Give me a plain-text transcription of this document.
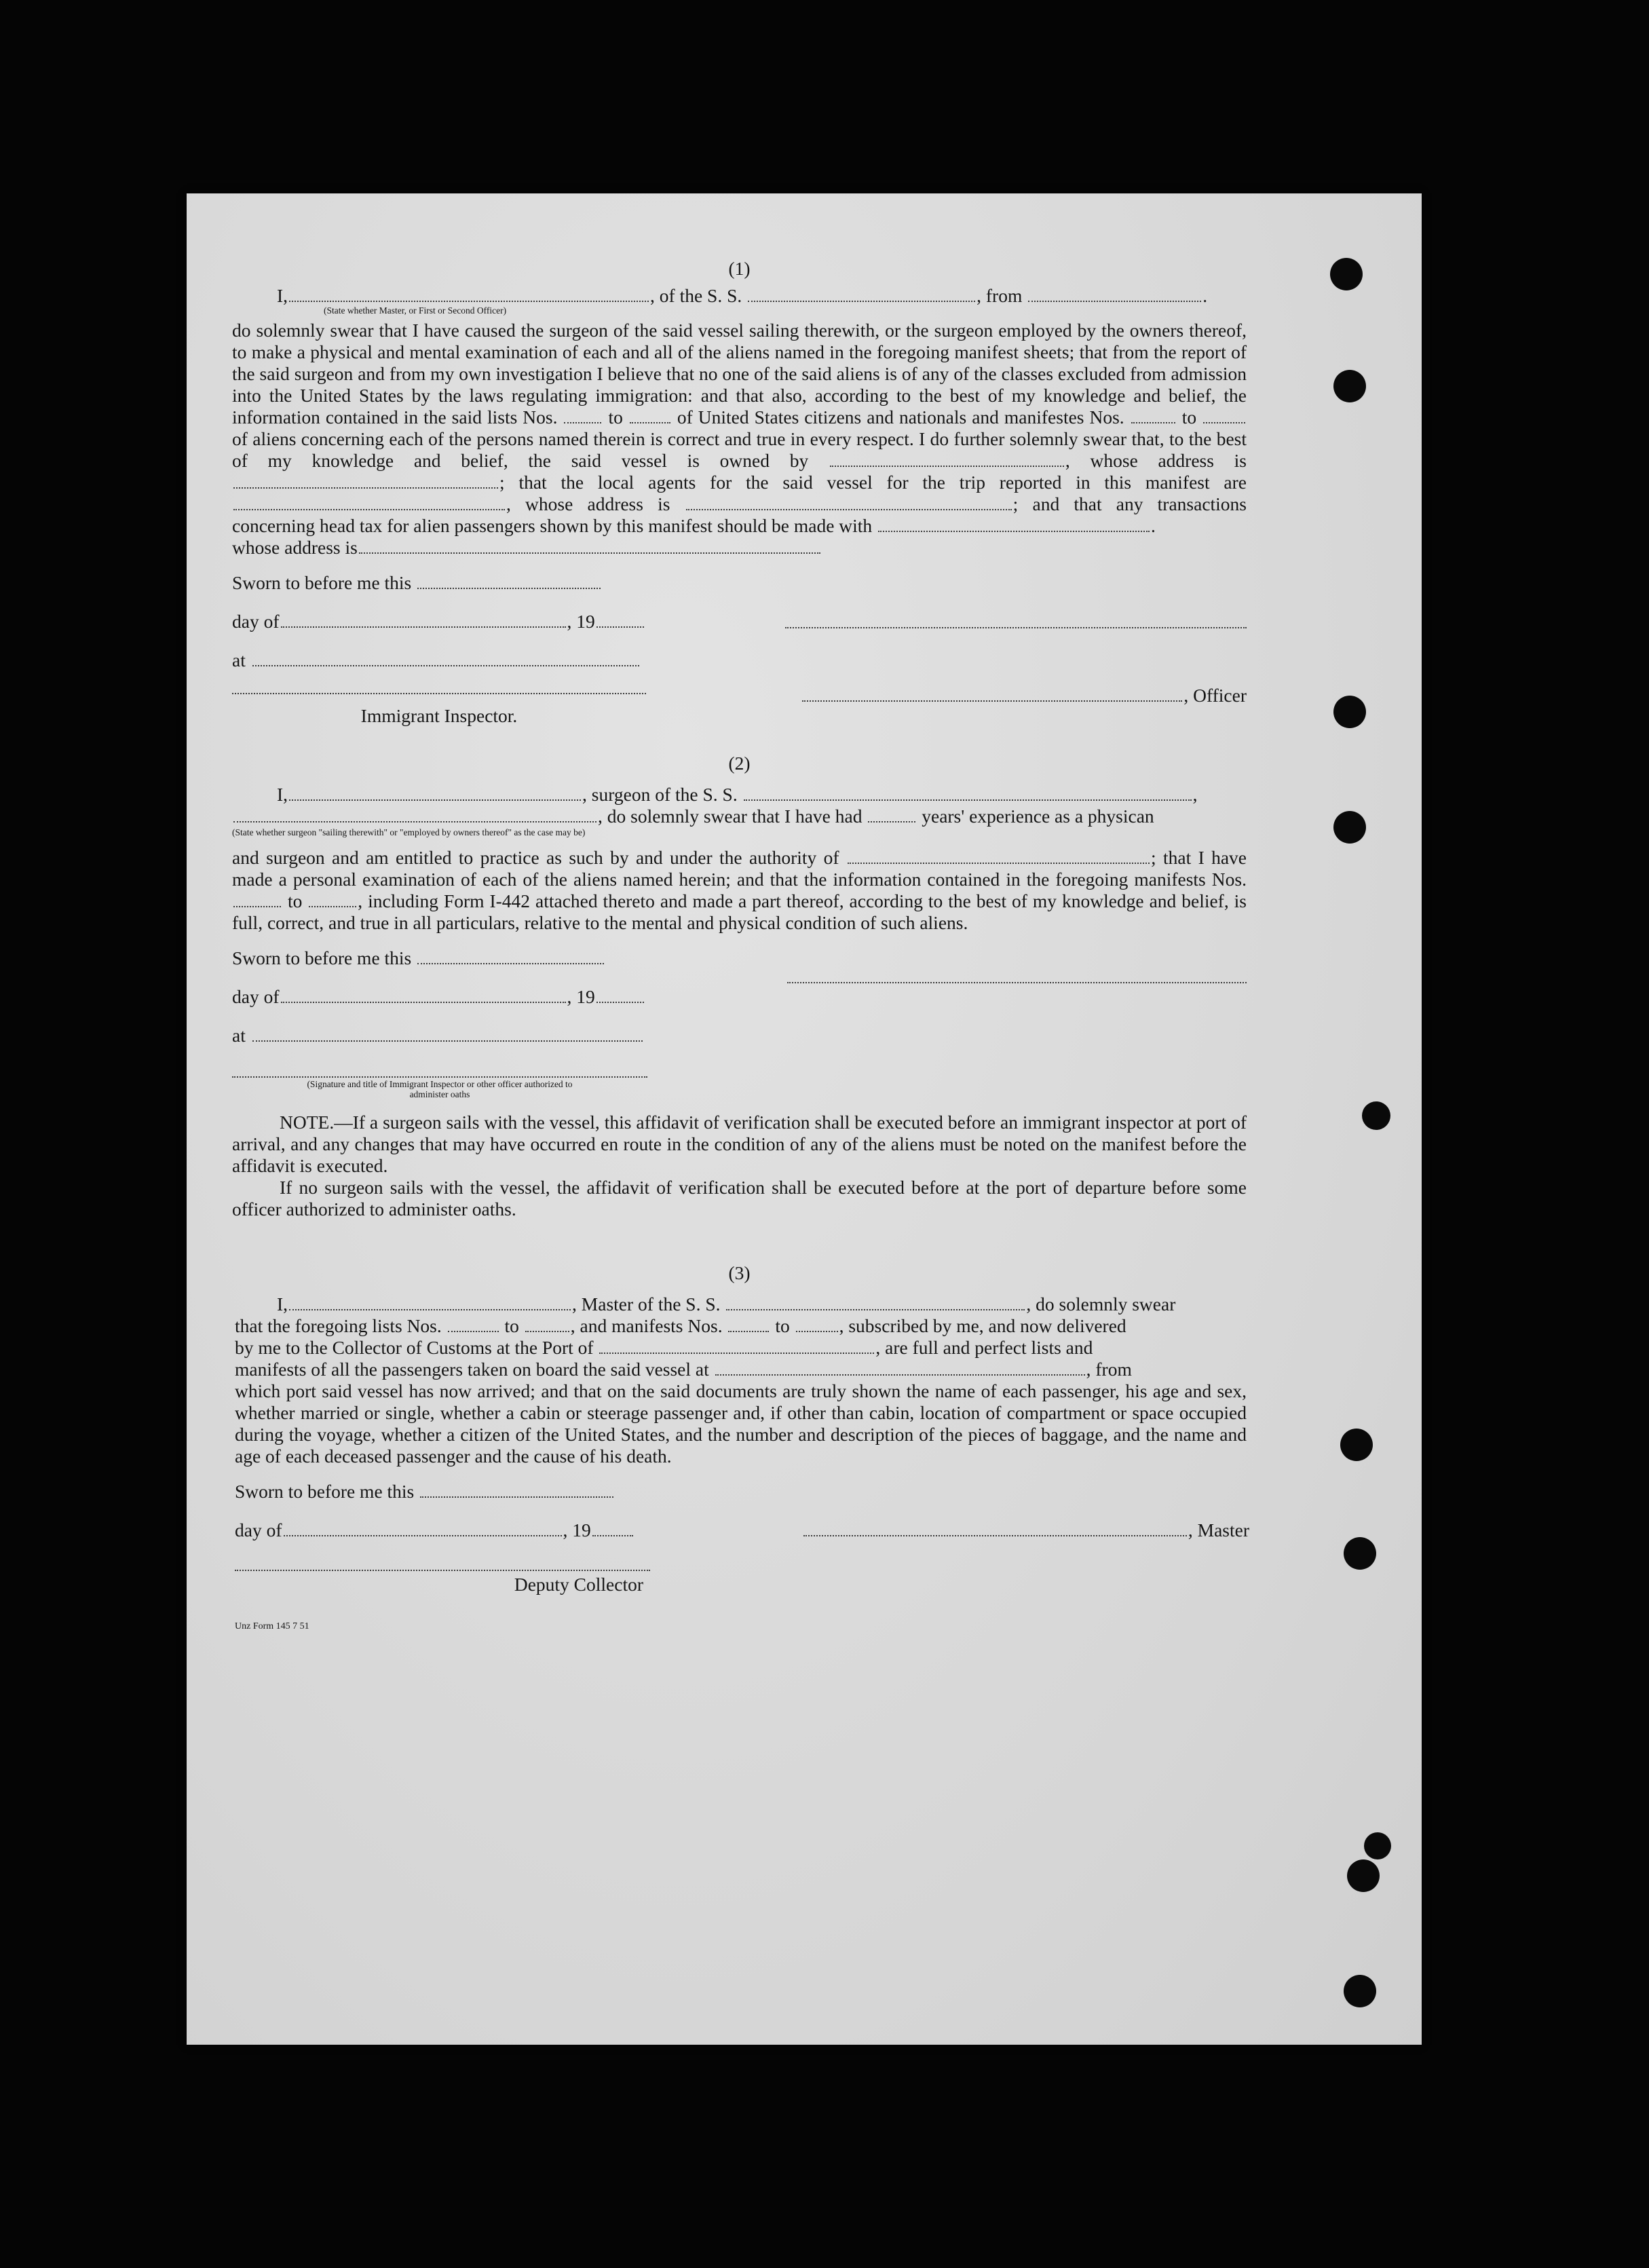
(1)
I,	, of the S. S.	, from	.
(State whether Master, or First or Second Officer)
do solemnly swear that I have caused the surgeon of the said vessel sailing therewith, or the surgeon employed by the owners thereof, to make a physical and mental examination of each and all of the aliens named in the foregoing manifest sheets; that from the report of the said surgeon and from my own investigation I believe that no one of the said aliens is of any of the classes excluded from admission into the United States by the laws regulating immigration: and that also, according to the best of my knowledge and belief, the information contained in the said lists Nos.	to	of United States citizens and nationals and manifestes Nos.	to  of aliens concerning each of the persons named therein is correct and true in every respect. I do further solemnly swear that, to the best of my knowledge and belief, the said vessel is owned by	, whose address is ; that the local agents for the said vessel for the trip reported in this manifest are , whose address is	; and that any transactions concerning head tax for alien passengers shown by this manifest should be made with	.
whose address is
Sworn to before me this
day of	, 19
at
, Officer
Immigrant Inspector.
(2)
I,	, surgeon of the S. S.	,
, do solemnly swear that I have had	years' experience as a physican
(State whether surgeon "sailing therewith" or "employed by owners thereof" as the case may be)
and surgeon and am entitled to practice as such by and under the authority of	; that I have made a personal examination of each of the aliens named herein; and that the information contained in the foregoing manifests Nos.  to	, including Form I-442 attached thereto and made a part thereof, according to the best of my knowledge and belief, is full, correct, and true in all particulars, relative to the mental and physical condition of such aliens.
Sworn to before me this
day of	, 19
at
(Signature and title of Immigrant Inspector or other officer authorized to administer oaths
NOTE.—If a surgeon sails with the vessel, this affidavit of verification shall be executed before an immigrant inspector at port of arrival, and any changes that may have occurred en route in the condition of any of the aliens must be noted on the manifest before the affidavit is executed.
If no surgeon sails with the vessel, the affidavit of verification shall be executed before at the port of departure before some officer authorized to administer oaths.
(3)
I,	, Master of the S. S.	, do solemnly swear
that the foregoing lists Nos.	to	, and manifests Nos.	to	, subscribed by me, and now delivered
by me to the Collector of Customs at the Port of	, are full and perfect lists and
manifests of all the passengers taken on board the said vessel at	, from
which port said vessel has now arrived; and that on the said documents are truly shown the name of each passenger, his age and sex, whether married or single, whether a cabin or steerage passenger and, if other than cabin, location of compartment or space occupied during the voyage, whether a citizen of the United States, and the number and description of the pieces of baggage, and the name and age of each deceased passenger and the cause of his death.
Sworn to before me this
day of	, 19	, Master
Deputy Collector
Unz Form 145 7 51
